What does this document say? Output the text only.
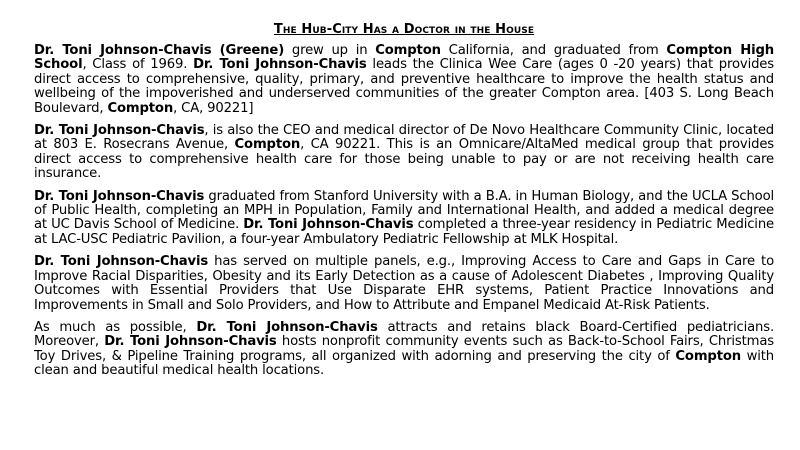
The Hub-City Has a Doctor in the House

Dr. Toni Johnson-Chavis (Greene) grew up in Compton California, and graduated from Compton High School, Class of 1969. Dr. Toni Johnson-Chavis leads the Clinica Wee Care (ages 0 -20 years) that provides direct access to comprehensive, quality, primary, and preventive healthcare to improve the health status and wellbeing of the impoverished and underserved communities of the greater Compton area. [403 S. Long Beach Boulevard, Compton, CA, 90221]

Dr. Toni Johnson-Chavis, is also the CEO and medical director of De Novo Healthcare Community Clinic, located at 803 E. Rosecrans Avenue, Compton, CA 90221. This is an Omnicare/AltaMed medical group that provides direct access to comprehensive health care for those being unable to pay or are not receiving health care insurance.

Dr. Toni Johnson-Chavis graduated from Stanford University with a B.A. in Human Biology, and the UCLA School of Public Health, completing an MPH in Population, Family and International Health, and added a medical degree at UC Davis School of Medicine. Dr. Toni Johnson-Chavis completed a three-year residency in Pediatric Medicine at LAC-USC Pediatric Pavilion, a four-year Ambulatory Pediatric Fellowship at MLK Hospital.

Dr. Toni Johnson-Chavis has served on multiple panels, e.g., Improving Access to Care and Gaps in Care to Improve Racial Disparities, Obesity and its Early Detection as a cause of Adolescent Diabetes , Improving Quality Outcomes with Essential Providers that Use Disparate EHR systems, Patient Practice Innovations and Improvements in Small and Solo Providers, and How to Attribute and Empanel Medicaid At-Risk Patients.

As much as possible, Dr. Toni Johnson-Chavis attracts and retains black Board-Certified pediatricians. Moreover, Dr. Toni Johnson-Chavis hosts nonprofit community events such as Back-to-School Fairs, Christmas Toy Drives, & Pipeline Training programs, all organized with adorning and preserving the city of Compton with clean and beautiful medical health locations.
